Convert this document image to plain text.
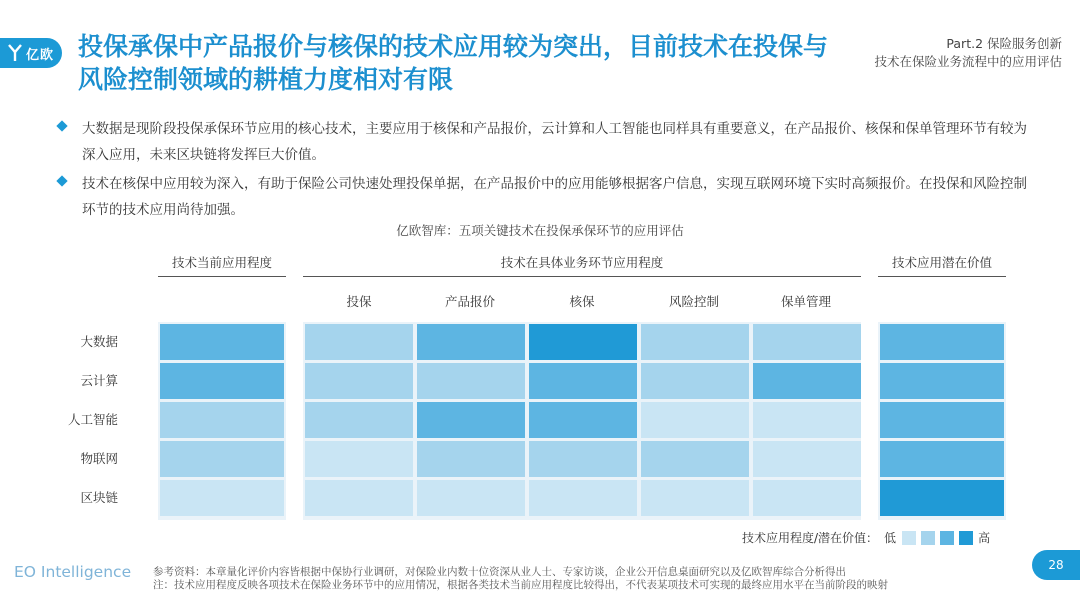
亿欧 投保承保中产品报价与核保的技术应用较为突出，目前技术在投保与风险控制领域的耕植力度相对有限
Part.2 保险服务创新
技术在保险业务流程中的应用评估
大数据是现阶段投保承保环节应用的核心技术，主要应用于核保和产品报价，云计算和人工智能也同样具有重要意义，在产品报价、核保和保单管理环节有较为深入应用，未来区块链将发挥巨大价值。
技术在核保中应用较为深入，有助于保险公司快速处理投保单据，在产品报价中的应用能够根据客户信息，实现互联网环境下实时高频报价。在投保和风险控制环节的技术应用尚待加强。
亿欧智库：五项关键技术在投保承保环节的应用评估
技术当前应用程度	技术在具体业务环节应用程度	技术应用潜在价值
投保	产品报价	核保	风险控制	保单管理
大数据
云计算
人工智能
物联网
区块链
技术应用程度/潜在价值： 低	高
EO Intelligence 参考资料：本章量化评价内容皆根据中保协行业调研，对保险业内数十位资深从业人士、专家访谈，企业公开信息桌面研究以及亿欧智库综合分析得出
注：技术应用程度反映各项技术在保险业务环节中的应用情况，根据各类技术当前应用程度比较得出，不代表某项技术可实现的最终应用水平在当前阶段的映射
28
